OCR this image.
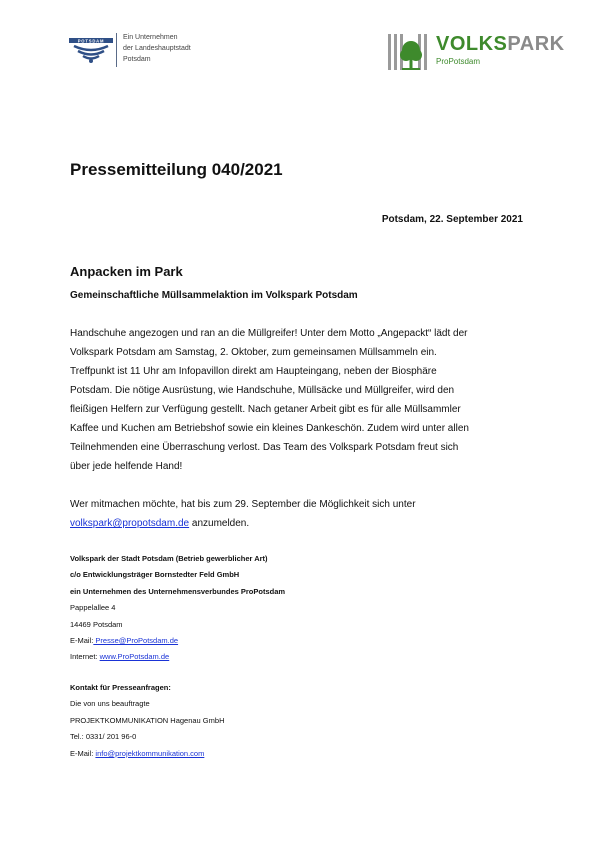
POTSDAM	Ein Unternehmen
der Landeshauptstadt
Potsdam
VOLKSPARK
ProPotsdam
Pressemitteilung 040/2021
Potsdam, 22. September 2021
Anpacken im Park
Gemeinschaftliche Müllsammelaktion im Volkspark Potsdam
Handschuhe angezogen und ran an die Müllgreifer! Unter dem Motto „Angepackt“ lädt der
Volkspark Potsdam am Samstag, 2. Oktober, zum gemeinsamen Müllsammeln ein.
Treffpunkt ist 11 Uhr am Infopavillon direkt am Haupteingang, neben der Biosphäre
Potsdam. Die nötige Ausrüstung, wie Handschuhe, Müllsäcke und Müllgreifer, wird den
fleißigen Helfern zur Verfügung gestellt. Nach getaner Arbeit gibt es für alle Müllsammler
Kaffee und Kuchen am Betriebshof sowie ein kleines Dankeschön. Zudem wird unter allen
Teilnehmenden eine Überraschung verlost. Das Team des Volkspark Potsdam freut sich
über jede helfende Hand!
Wer mitmachen möchte, hat bis zum 29. September die Möglichkeit sich unter
volkspark@propotsdam.de anzumelden.
Volkspark der Stadt Potsdam (Betrieb gewerblicher Art)
c/o Entwicklungsträger Bornstedter Feld GmbH
ein Unternehmen des Unternehmensverbundes ProPotsdam
Pappelallee 4
14469 Potsdam
E-Mail: Presse@ProPotsdam.de
Internet: www.ProPotsdam.de
Kontakt für Presseanfragen:
Die von uns beauftragte
PROJEKTKOMMUNIKATION Hagenau GmbH
Tel.: 0331/ 201 96-0
E-Mail: info@projektkommunikation.com
